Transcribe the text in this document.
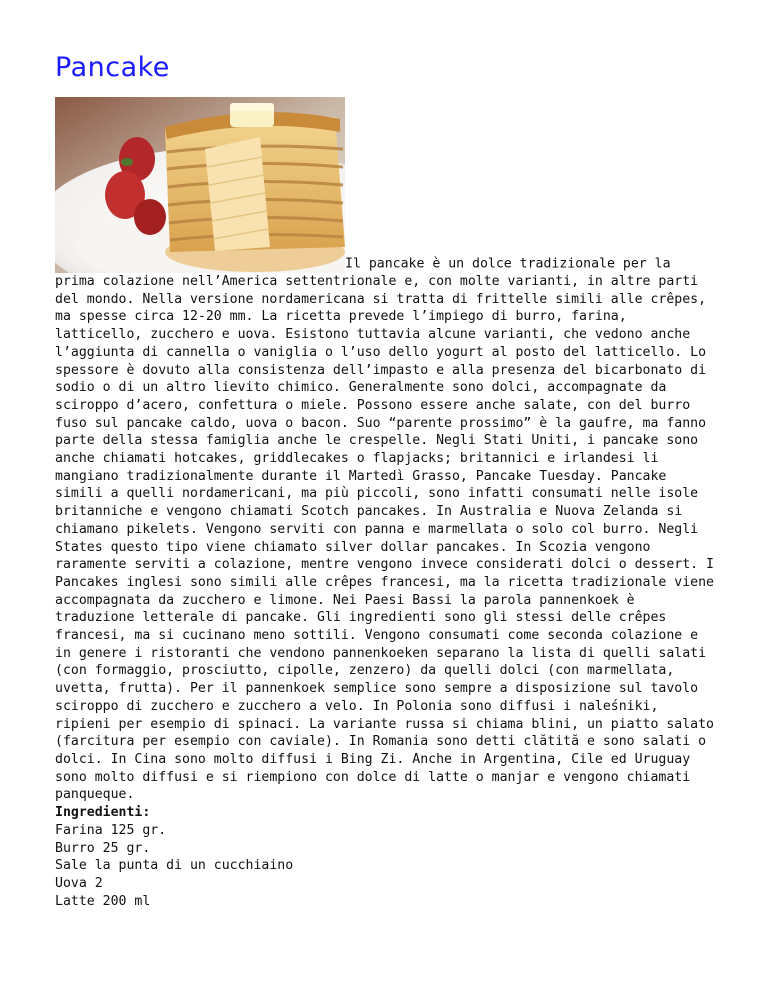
Pancake
Il pancake è un dolce tradizionale per la prima colazione nell’America settentrionale e, con molte varianti, in altre parti del mondo. Nella versione nordamericana si tratta di frittelle simili alle crêpes, ma spesse circa 12-20 mm. La ricetta prevede l’impiego di burro, farina, latticello, zucchero e uova. Esistono tuttavia alcune varianti, che vedono anche l’aggiunta di cannella o vaniglia o l’uso dello yogurt al posto del latticello. Lo spessore è dovuto alla consistenza dell’impasto e alla presenza del bicarbonato di sodio o di un altro lievito chimico. Generalmente sono dolci, accompagnate da sciroppo d’acero, confettura o miele. Possono essere anche salate, con del burro fuso sul pancake caldo, uova o bacon. Suo “parente prossimo” è la gaufre, ma fanno parte della stessa famiglia anche le crespelle. Negli Stati Uniti, i pancake sono anche chiamati hotcakes, griddlecakes o flapjacks; britannici e irlandesi li mangiano tradizionalmente durante il Martedì Grasso, Pancake Tuesday. Pancake simili a quelli nordamericani, ma più piccoli, sono infatti consumati nelle isole britanniche e vengono chiamati Scotch pancakes. In Australia e Nuova Zelanda si chiamano pikelets. Vengono serviti con panna e marmellata o solo col burro. Negli States questo tipo viene chiamato silver dollar pancakes. In Scozia vengono raramente serviti a colazione, mentre vengono invece considerati dolci o dessert. I Pancakes inglesi sono simili alle crêpes francesi, ma la ricetta tradizionale viene accompagnata da zucchero e limone. Nei Paesi Bassi la parola pannenkoek è traduzione letterale di pancake. Gli ingredienti sono gli stessi delle crêpes francesi, ma si cucinano meno sottili. Vengono consumati come seconda colazione e in genere i ristoranti che vendono pannenkoeken separano la lista di quelli salati (con formaggio, prosciutto, cipolle, zenzero) da quelli dolci (con marmellata, uvetta, frutta). Per il pannenkoek semplice sono sempre a disposizione sul tavolo sciroppo di zucchero e zucchero a velo. In Polonia sono diffusi i naleśniki, ripieni per esempio di spinaci. La variante russa si chiama blini, un piatto salato (farcitura per esempio con caviale). In Romania sono detti clătită e sono salati o dolci. In Cina sono molto diffusi i Bing Zi. Anche in Argentina, Cile ed Uruguay sono molto diffusi e si riempiono con dolce di latte o manjar e vengono chiamati panqueque.
Ingredienti:
Farina 125 gr.
Burro 25 gr.
Sale la punta di un cucchiaino
Uova 2
Latte 200 ml
